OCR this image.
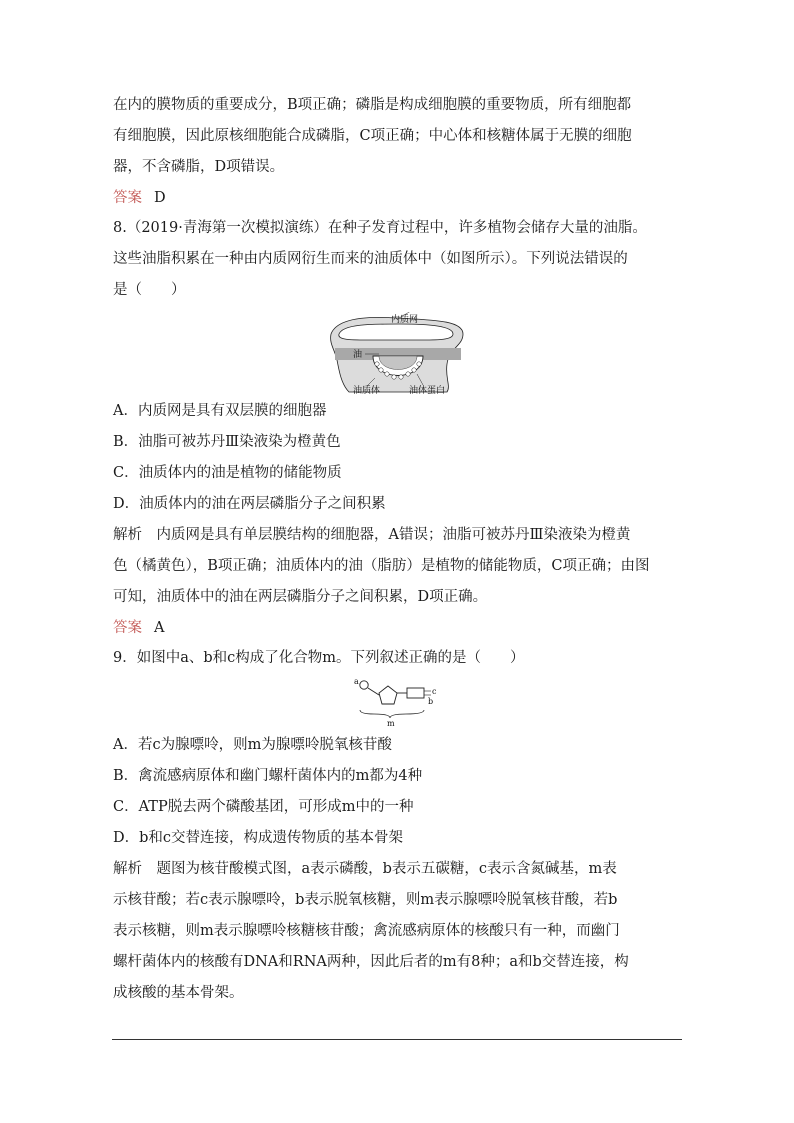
在内的膜物质的重要成分，B项正确；磷脂是构成细胞膜的重要物质，所有细胞都

有细胞膜，因此原核细胞能合成磷脂，C项正确；中心体和核糖体属于无膜的细胞

器，不含磷脂，D项错误。

答案 D

8.（2019·青海第一次模拟演练）在种子发育过程中，许多植物会储存大量的油脂。

这些油脂积累在一种由内质网衍生而来的油质体中（如图所示）。下列说法错误的

是（　　）

内质网
油
油质体	油体蛋白

A．内质网是具有双层膜的细胞器

B．油脂可被苏丹Ⅲ染液染为橙黄色

C．油质体内的油是植物的储能物质

D．油质体内的油在两层磷脂分子之间积累

解析　内质网是具有单层膜结构的细胞器，A错误；油脂可被苏丹Ⅲ染液染为橙黄

色（橘黄色），B项正确；油质体内的油（脂肪）是植物的储能物质，C项正确；由图

可知，油质体中的油在两层磷脂分子之间积累，D项正确。

答案 A

9．如图中a、b和c构成了化合物m。下列叙述正确的是（　　）

a
c
b
m

A．若c为腺嘌呤，则m为腺嘌呤脱氧核苷酸

B．禽流感病原体和幽门螺杆菌体内的m都为4种

C．ATP脱去两个磷酸基团，可形成m中的一种

D．b和c交替连接，构成遗传物质的基本骨架

解析　题图为核苷酸模式图，a表示磷酸，b表示五碳糖，c表示含氮碱基，m表

示核苷酸；若c表示腺嘌呤，b表示脱氧核糖，则m表示腺嘌呤脱氧核苷酸，若b

表示核糖，则m表示腺嘌呤核糖核苷酸；禽流感病原体的核酸只有一种，而幽门

螺杆菌体内的核酸有DNA和RNA两种，因此后者的m有8种；a和b交替连接，构

成核酸的基本骨架。
